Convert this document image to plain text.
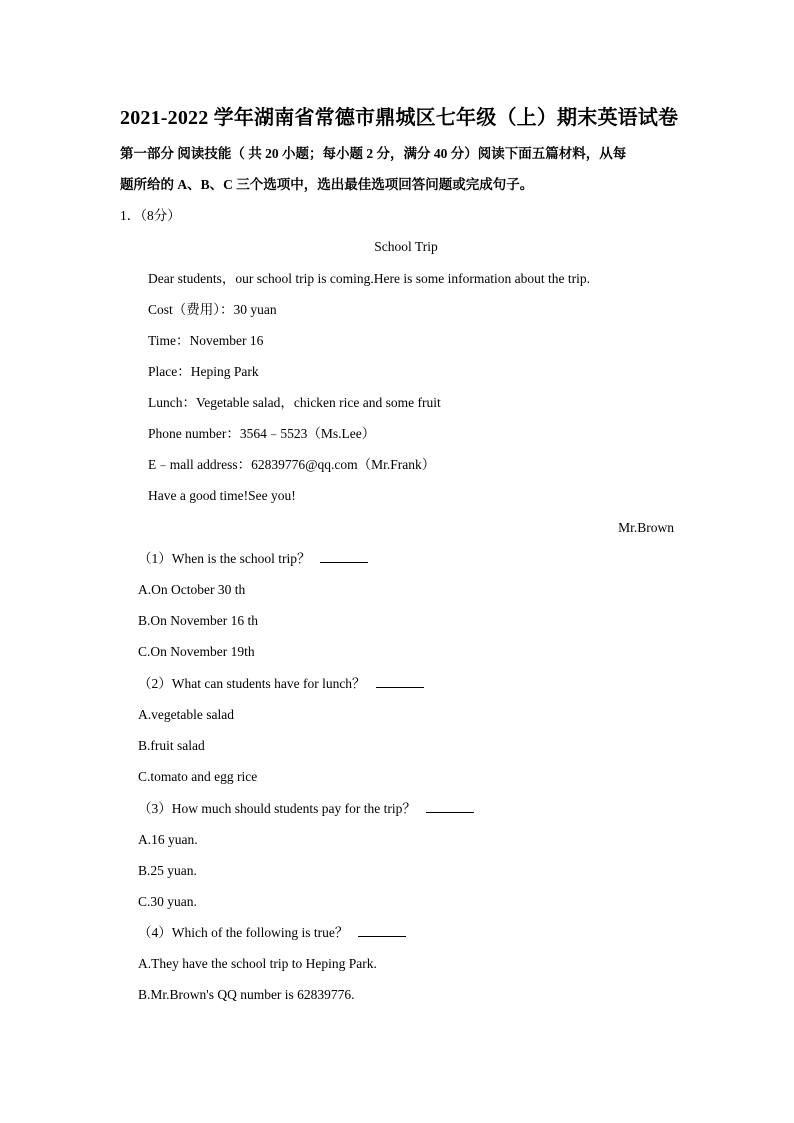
2021-2022 学年湖南省常德市鼎城区七年级（上）期末英语试卷
第一部分 阅读技能（ 共 20 小题；每小题 2 分，满分 40 分）阅读下面五篇材料，从每
题所给的 A、B、C 三个选项中，选出最佳选项回答问题或完成句子。
1．（8分）
School Trip
Dear students，our school trip is coming.Here is some information about the trip.
Cost（费用）：30 yuan
Time：November 16
Place：Heping Park
Lunch：Vegetable salad，chicken rice and some fruit
Phone number：3564﹣5523（Ms.Lee）
E﹣mall address：62839776@qq.com（Mr.Frank）
Have a good time!See you!
Mr.Brown
（1）When is the school trip？
A.On October 30 th
B.On November 16 th
C.On November 19th
（2）What can students have for lunch？
A.vegetable salad
B.fruit salad
C.tomato and egg rice
（3）How much should students pay for the trip？
A.16 yuan.
B.25 yuan.
C.30 yuan.
（4）Which of the following is true？
A.They have the school trip to Heping Park.
B.Mr.Brown's QQ number is 62839776.
